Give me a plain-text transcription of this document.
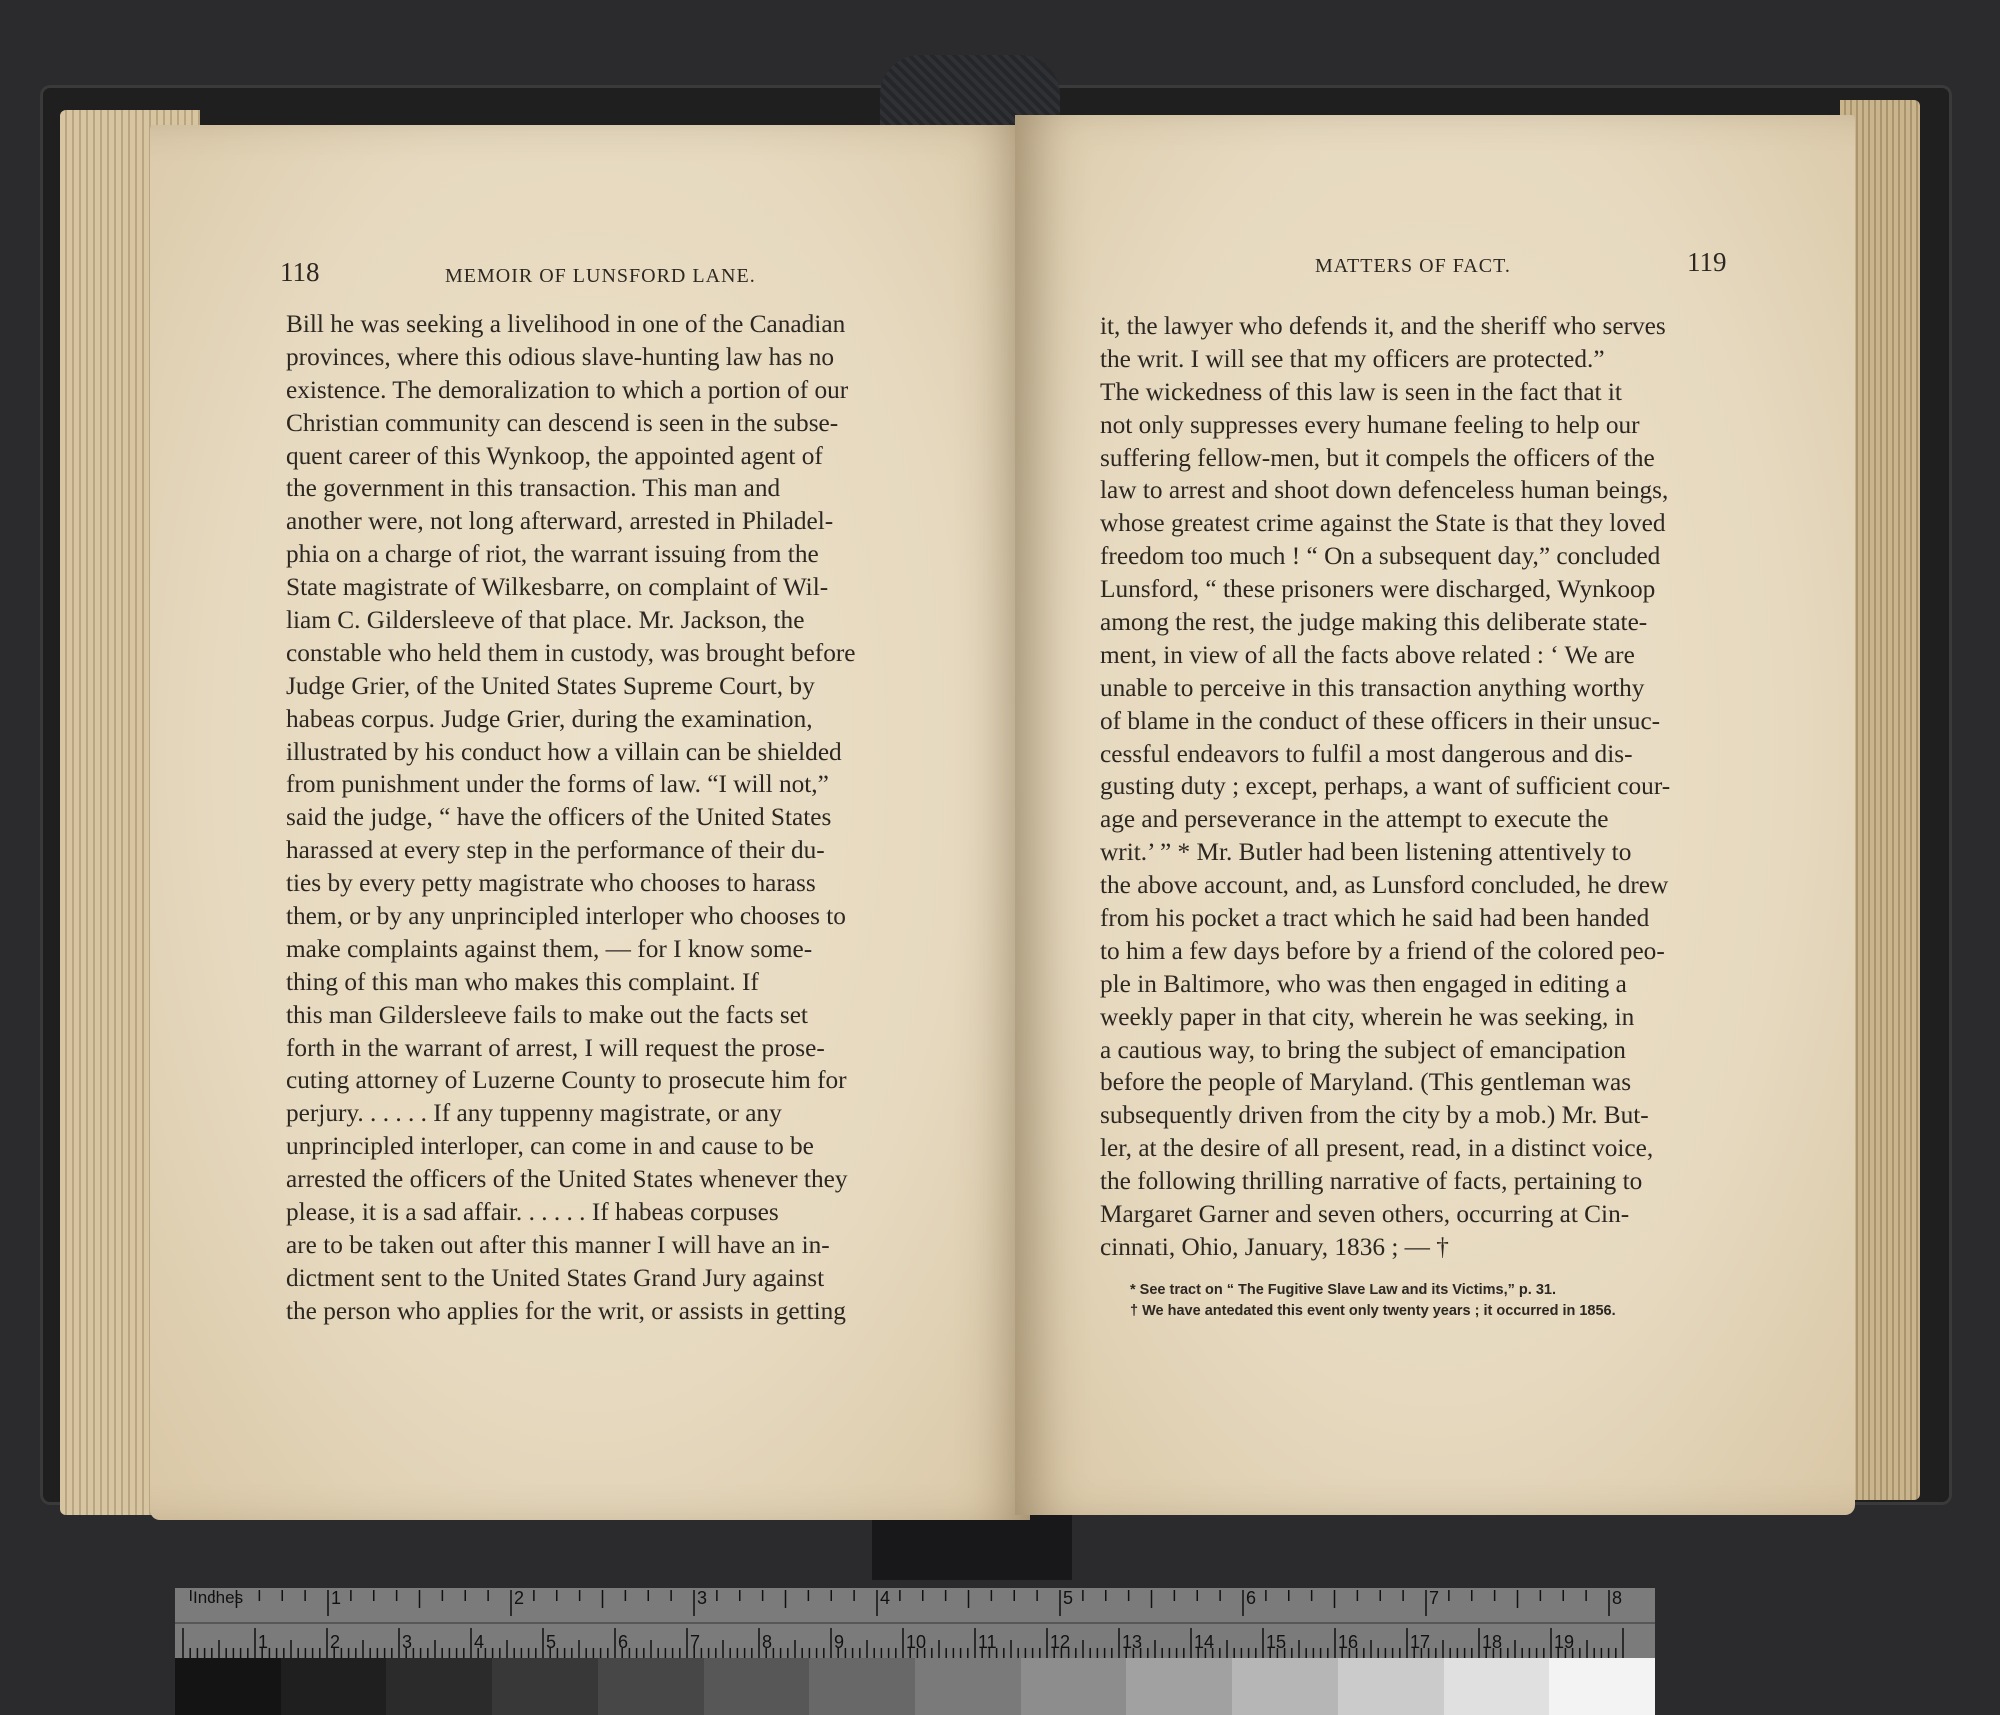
118	MEMOIR OF LUNSFORD LANE.
Bill he was seeking a livelihood in one of the Canadian
provinces, where this odious slave-hunting law has no
existence. The demoralization to which a portion of our
Christian community can descend is seen in the subse-
quent career of this Wynkoop, the appointed agent of
the government in this transaction. This man and
another were, not long afterward, arrested in Philadel-
phia on a charge of riot, the warrant issuing from the
State magistrate of Wilkesbarre, on complaint of Wil-
liam C. Gildersleeve of that place. Mr. Jackson, the
constable who held them in custody, was brought before
Judge Grier, of the United States Supreme Court, by
habeas corpus. Judge Grier, during the examination,
illustrated by his conduct how a villain can be shielded
from punishment under the forms of law. “I will not,”
said the judge, “ have the officers of the United States
harassed at every step in the performance of their du-
ties by every petty magistrate who chooses to harass
them, or by any unprincipled interloper who chooses to
make complaints against them, — for I know some-
thing of this man who makes this complaint. If
this man Gildersleeve fails to make out the facts set
forth in the warrant of arrest, I will request the prose-
cuting attorney of Luzerne County to prosecute him for
perjury. . . . . . If any tuppenny magistrate, or any
unprincipled interloper, can come in and cause to be
arrested the officers of the United States whenever they
please, it is a sad affair. . . . . . If habeas corpuses
are to be taken out after this manner I will have an in-
dictment sent to the United States Grand Jury against
the person who applies for the writ, or assists in getting
MATTERS OF FACT.	119
it, the lawyer who defends it, and the sheriff who serves
the writ. I will see that my officers are protected.”
The wickedness of this law is seen in the fact that it
not only suppresses every humane feeling to help our
suffering fellow-men, but it compels the officers of the
law to arrest and shoot down defenceless human beings,
whose greatest crime against the State is that they loved
freedom too much ! “ On a subsequent day,” concluded
Lunsford, “ these prisoners were discharged, Wynkoop
among the rest, the judge making this deliberate state-
ment, in view of all the facts above related : ‘ We are
unable to perceive in this transaction anything worthy
of blame in the conduct of these officers in their unsuc-
cessful endeavors to fulfil a most dangerous and dis-
gusting duty ; except, perhaps, a want of sufficient cour-
age and perseverance in the attempt to execute the
writ.’ ” * Mr. Butler had been listening attentively to
the above account, and, as Lunsford concluded, he drew
from his pocket a tract which he said had been handed
to him a few days before by a friend of the colored peo-
ple in Baltimore, who was then engaged in editing a
weekly paper in that city, wherein he was seeking, in
a cautious way, to bring the subject of emancipation
before the people of Maryland. (This gentleman was
subsequently driven from the city by a mob.) Mr. But-
ler, at the desire of all present, read, in a distinct voice,
the following thrilling narrative of facts, pertaining to
Margaret Garner and seven others, occurring at Cin-
cinnati, Ohio, January, 1836 ; — †
* See tract on “ The Fugitive Slave Law and its Victims,” p. 31.
† We have antedated this event only twenty years ; it occurred in 1856.
Inches	1	2	3	4	5	6	7	8
1	2	3	4	5	6	7	8	9	10	11	12	13	14	15	16	17	18	19
